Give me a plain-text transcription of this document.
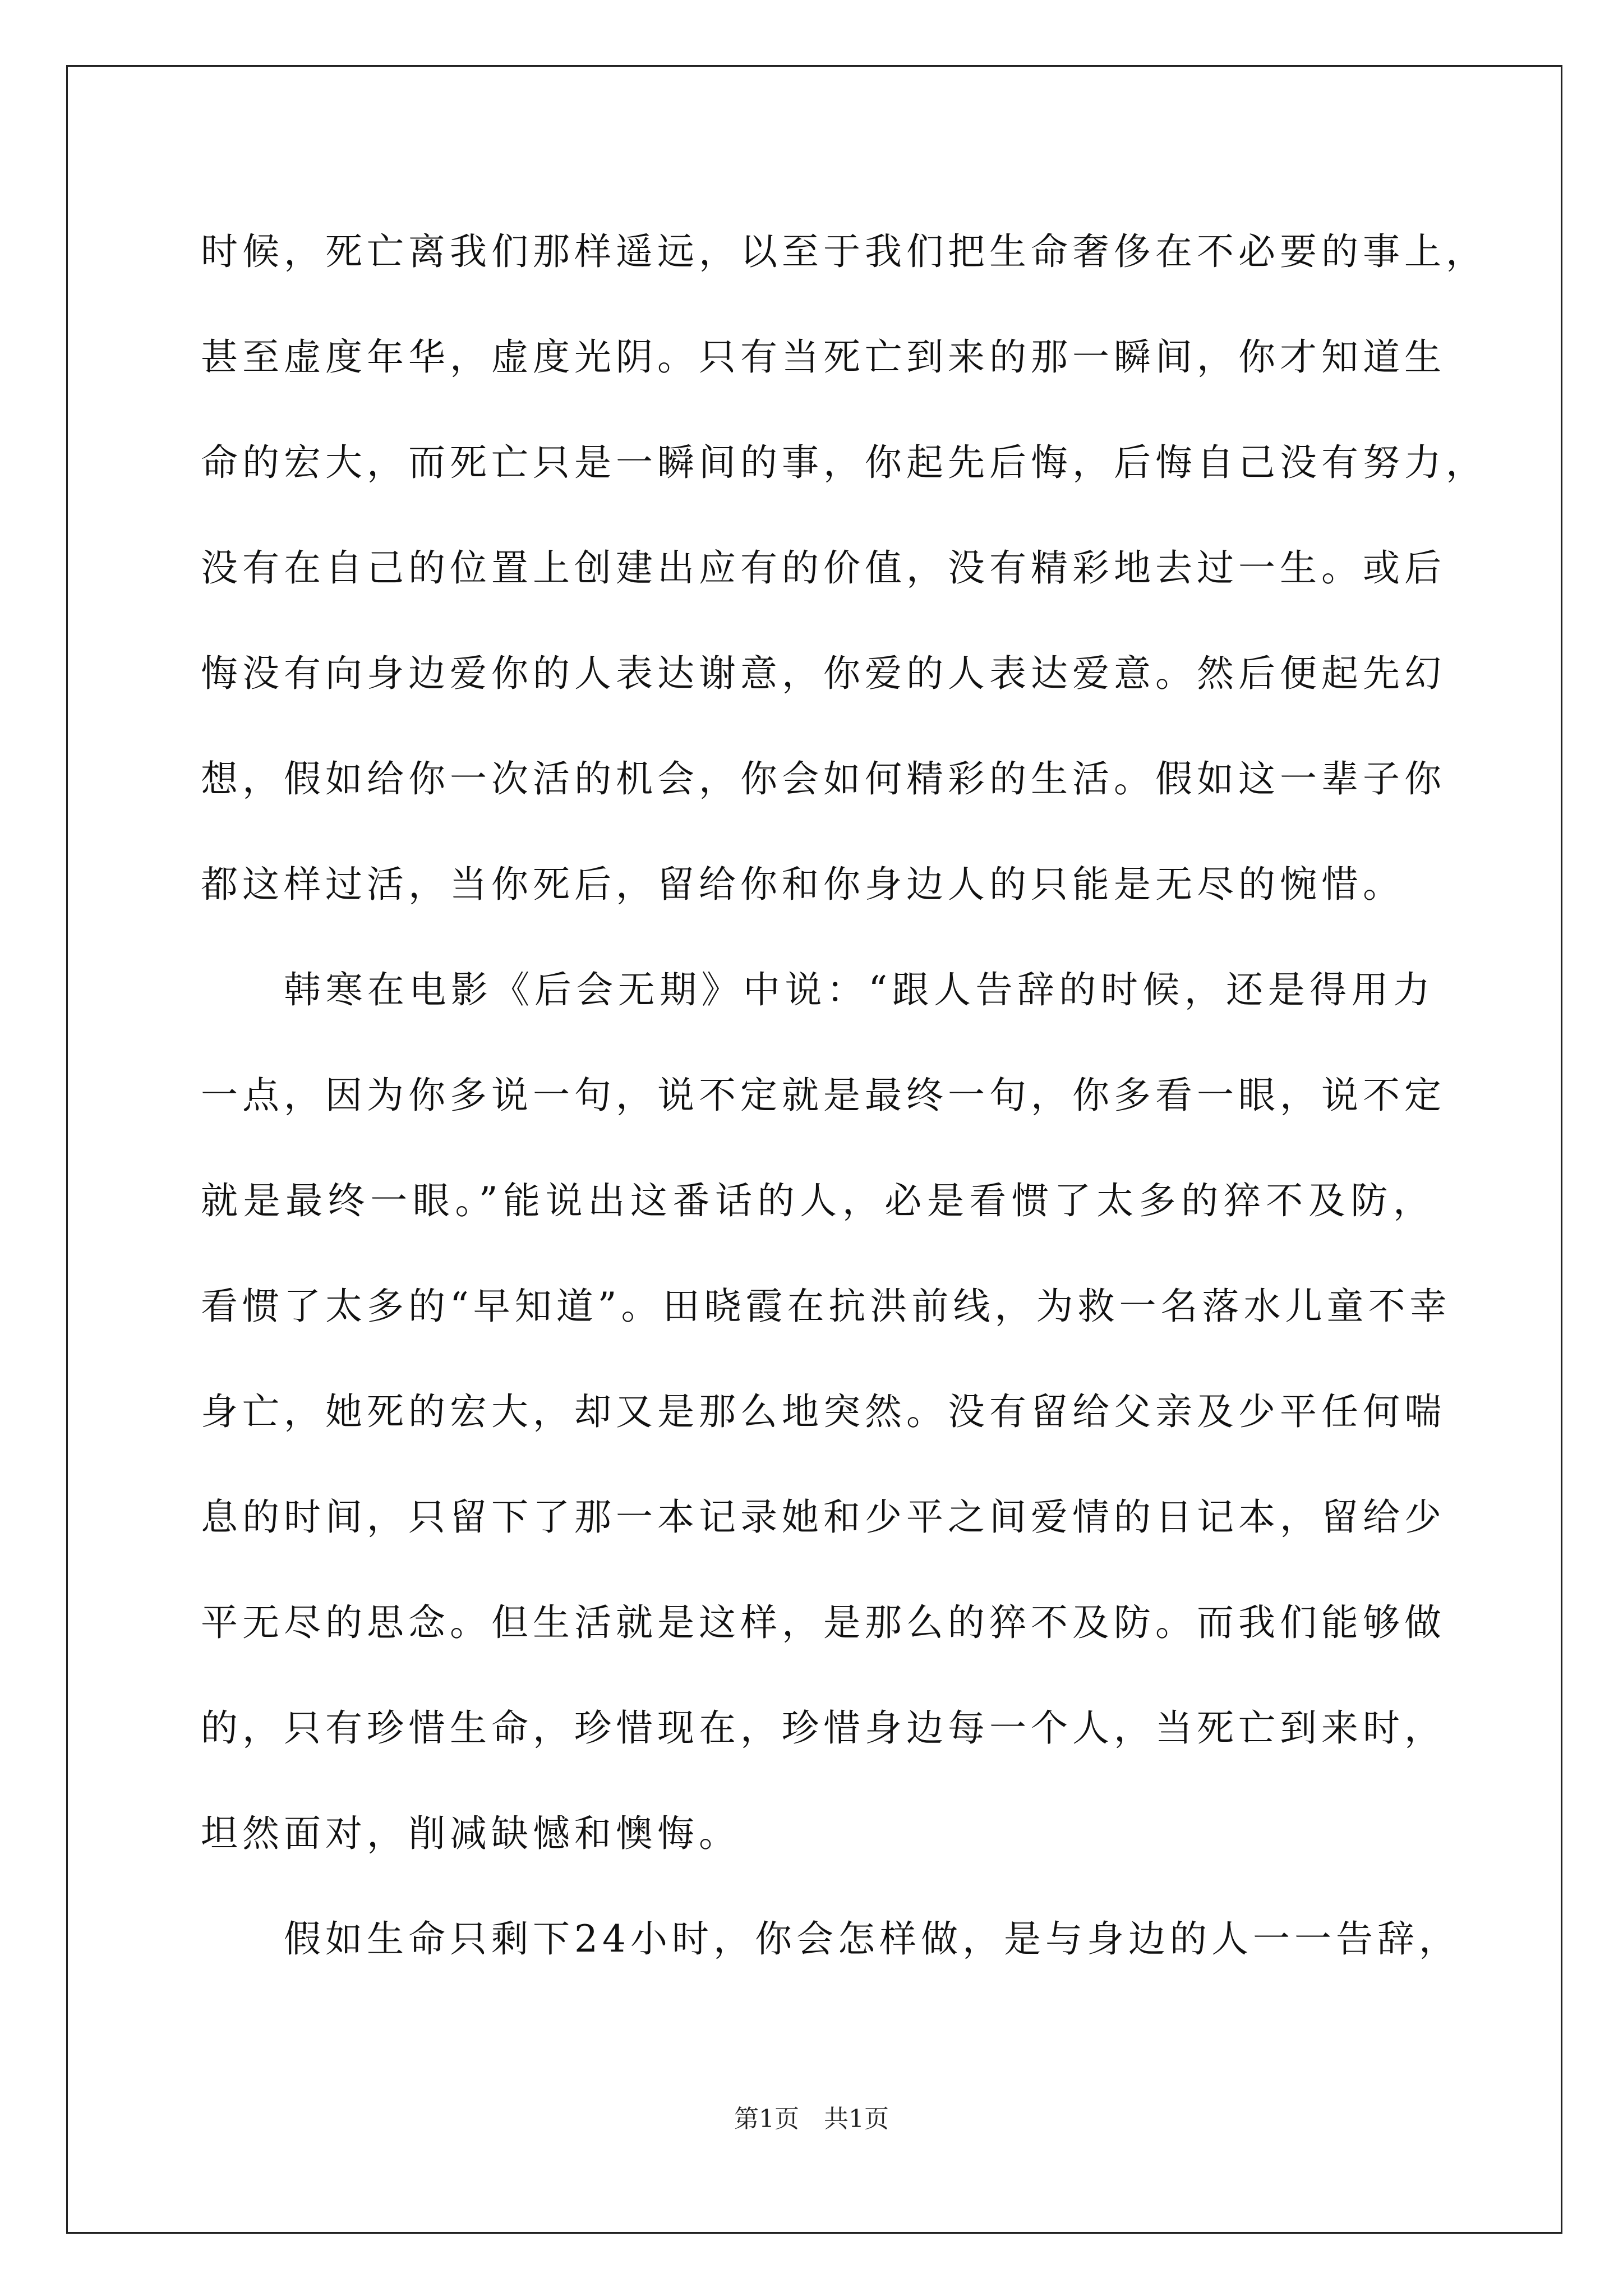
时候，死亡离我们那样遥远，以至于我们把生命奢侈在不必要的事上，
甚至虚度年华，虚度光阴。只有当死亡到来的那一瞬间，你才知道生
命的宏大，而死亡只是一瞬间的事，你起先后悔，后悔自己没有努力，
没有在自己的位置上创建出应有的价值，没有精彩地去过一生。或后
悔没有向身边爱你的人表达谢意，你爱的人表达爱意。然后便起先幻
想，假如给你一次活的机会，你会如何精彩的生活。假如这一辈子你
都这样过活，当你死后，留给你和你身边人的只能是无尽的惋惜。
韩寒在电影《后会无期》中说：“跟人告辞的时候，还是得用力
一点，因为你多说一句，说不定就是最终一句，你多看一眼，说不定
就是最终一眼。”能说出这番话的人，必是看惯了太多的猝不及防，
看惯了太多的“早知道”。田晓霞在抗洪前线，为救一名落水儿童不幸
身亡，她死的宏大，却又是那么地突然。没有留给父亲及少平任何喘
息的时间，只留下了那一本记录她和少平之间爱情的日记本，留给少
平无尽的思念。但生活就是这样，是那么的猝不及防。而我们能够做
的，只有珍惜生命，珍惜现在，珍惜身边每一个人，当死亡到来时，
坦然面对，削减缺憾和懊悔。
假如生命只剩下24小时，你会怎样做，是与身边的人一一告辞，
第1页　共1页
